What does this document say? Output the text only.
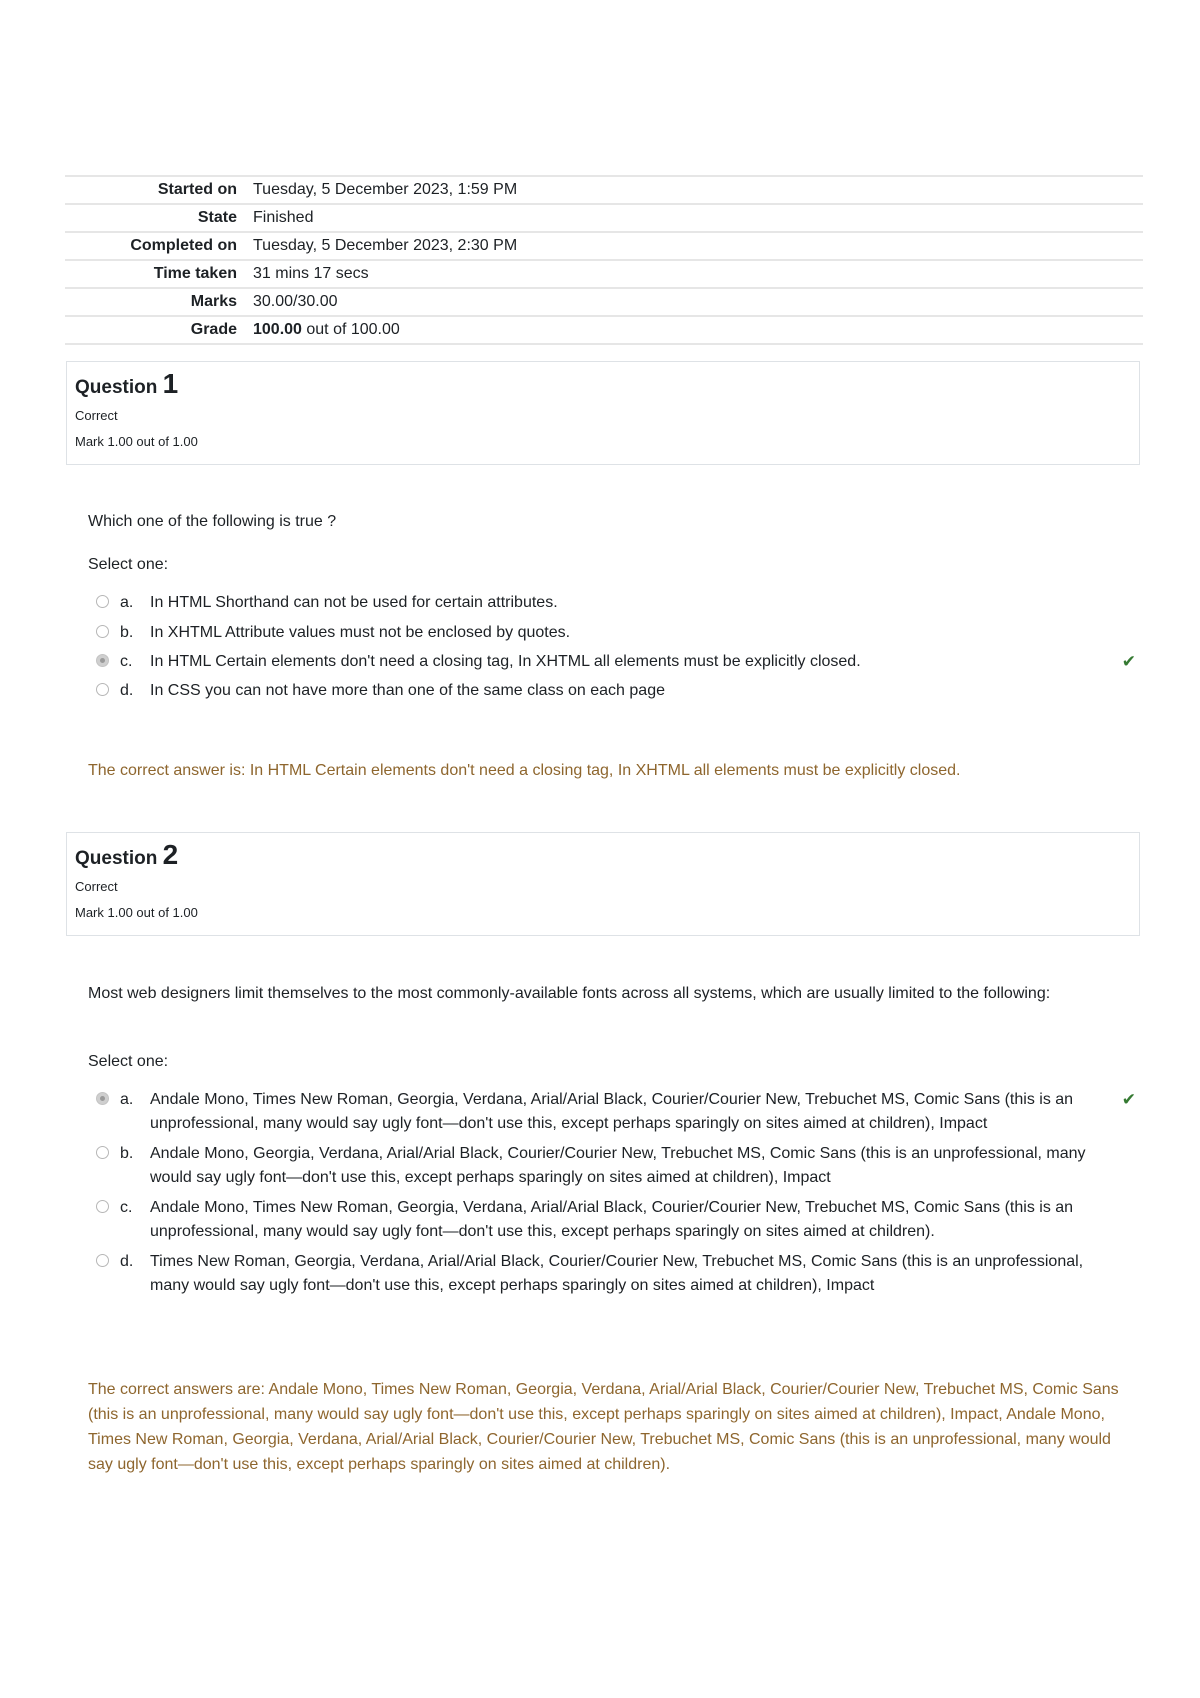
Started on	Tuesday, 5 December 2023, 1:59 PM
State	Finished
Completed on	Tuesday, 5 December 2023, 2:30 PM
Time taken	31 mins 17 secs
Marks	30.00/30.00
Grade	100.00 out of 100.00
Question 1
Correct
Mark 1.00 out of 1.00
Which one of the following is true ?
Select one:
a. In HTML Shorthand can not be used for certain attributes.
b. In XHTML Attribute values must not be enclosed by quotes.
c. In HTML Certain elements don't need a closing tag, In XHTML all elements must be explicitly closed.	✔
d. In CSS you can not have more than one of the same class on each page
The correct answer is: In HTML Certain elements don't need a closing tag, In XHTML all elements must be explicitly closed.
Question 2
Correct
Mark 1.00 out of 1.00
Most web designers limit themselves to the most commonly-available fonts across all systems, which are usually limited to the following:
Select one:
a. Andale Mono, Times New Roman, Georgia, Verdana, Arial/Arial Black, Courier/Courier New, Trebuchet MS, Comic Sans (this is an unprofessional, many would say ugly font—don't use this, except perhaps sparingly on sites aimed at children), Impact
✔
b. Andale Mono, Georgia, Verdana, Arial/Arial Black, Courier/Courier New, Trebuchet MS, Comic Sans (this is an unprofessional, many would say ugly font—don't use this, except perhaps sparingly on sites aimed at children), Impact
c. Andale Mono, Times New Roman, Georgia, Verdana, Arial/Arial Black, Courier/Courier New, Trebuchet MS, Comic Sans (this is an unprofessional, many would say ugly font—don't use this, except perhaps sparingly on sites aimed at children).
d. Times New Roman, Georgia, Verdana, Arial/Arial Black, Courier/Courier New, Trebuchet MS, Comic Sans (this is an unprofessional, many would say ugly font—don't use this, except perhaps sparingly on sites aimed at children), Impact
The correct answers are: Andale Mono, Times New Roman, Georgia, Verdana, Arial/Arial Black, Courier/Courier New, Trebuchet MS, Comic Sans (this is an unprofessional, many would say ugly font—don't use this, except perhaps sparingly on sites aimed at children), Impact, Andale Mono, Times New Roman, Georgia, Verdana, Arial/Arial Black, Courier/Courier New, Trebuchet MS, Comic Sans (this is an unprofessional, many would say ugly font—don't use this, except perhaps sparingly on sites aimed at children).
